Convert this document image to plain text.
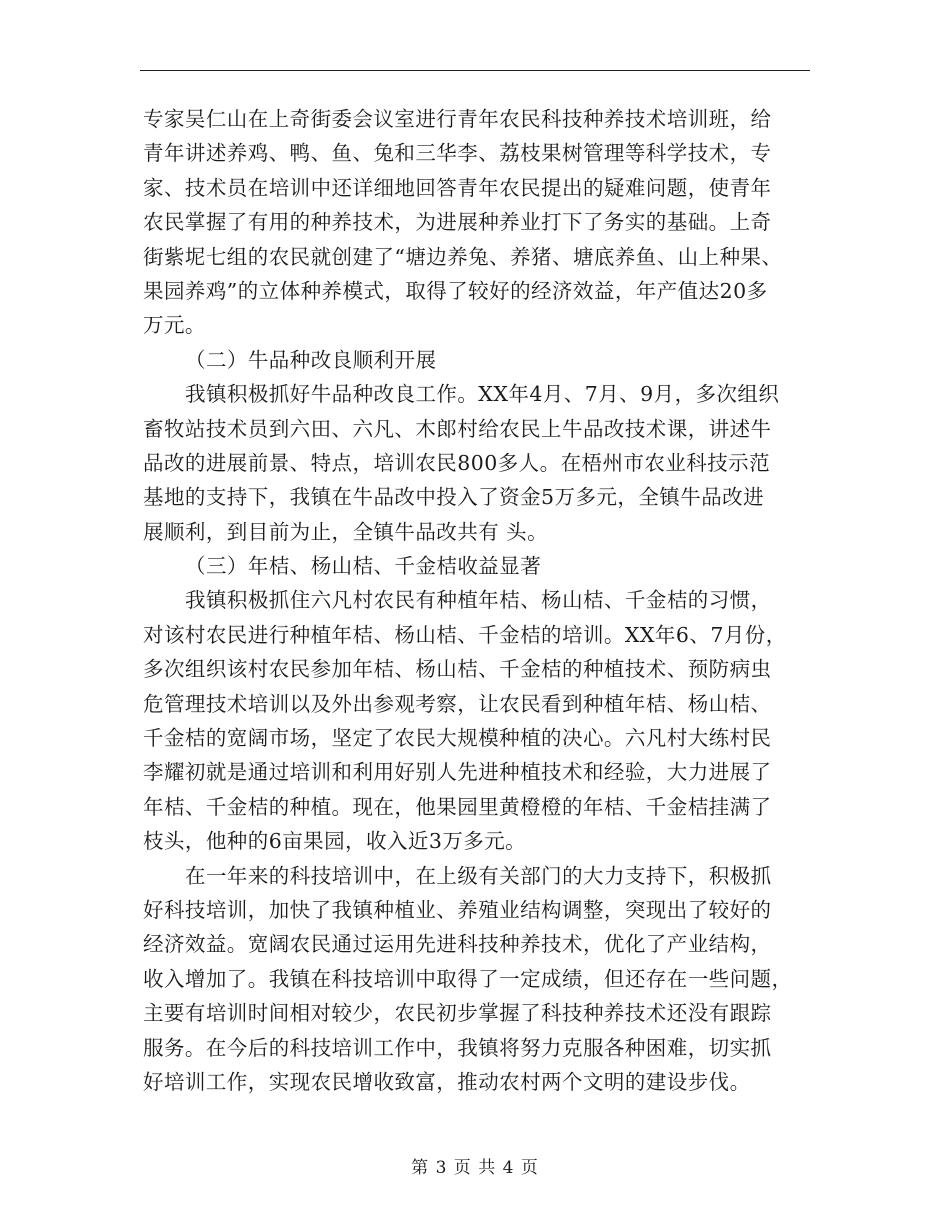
专家吴仁山在上奇街委会议室进行青年农民科技种养技术培训班，给
青年讲述养鸡、鸭、鱼、兔和三华李、荔枝果树管理等科学技术，专
家、技术员在培训中还详细地回答青年农民提出的疑难问题，使青年
农民掌握了有用的种养技术，为进展种养业打下了务实的基础。上奇
街紫坭七组的农民就创建了“塘边养兔、养猪、塘底养鱼、山上种果、
果园养鸡”的立体种养模式，取得了较好的经济效益，年产值达20多
万元。
（二）牛品种改良顺利开展
我镇积极抓好牛品种改良工作。XX年4月、7月、9月，多次组织
畜牧站技术员到六田、六凡、木郎村给农民上牛品改技术课，讲述牛
品改的进展前景、特点，培训农民800多人。在梧州市农业科技示范
基地的支持下，我镇在牛品改中投入了资金5万多元，全镇牛品改进
展顺利，到目前为止，全镇牛品改共有 头。
（三）年桔、杨山桔、千金桔收益显著
我镇积极抓住六凡村农民有种植年桔、杨山桔、千金桔的习惯，
对该村农民进行种植年桔、杨山桔、千金桔的培训。XX年6、7月份，
多次组织该村农民参加年桔、杨山桔、千金桔的种植技术、预防病虫
危管理技术培训以及外出参观考察，让农民看到种植年桔、杨山桔、
千金桔的宽阔市场，坚定了农民大规模种植的决心。六凡村大练村民
李耀初就是通过培训和利用好别人先进种植技术和经验，大力进展了
年桔、千金桔的种植。现在，他果园里黄橙橙的年桔、千金桔挂满了
枝头，他种的6亩果园，收入近3万多元。
在一年来的科技培训中，在上级有关部门的大力支持下，积极抓
好科技培训，加快了我镇种植业、养殖业结构调整，突现出了较好的
经济效益。宽阔农民通过运用先进科技种养技术，优化了产业结构，
收入增加了。我镇在科技培训中取得了一定成绩，但还存在一些问题，
主要有培训时间相对较少，农民初步掌握了科技种养技术还没有跟踪
服务。在今后的科技培训工作中，我镇将努力克服各种困难，切实抓
好培训工作，实现农民增收致富，推动农村两个文明的建设步伐。
第 3 页 共 4 页
